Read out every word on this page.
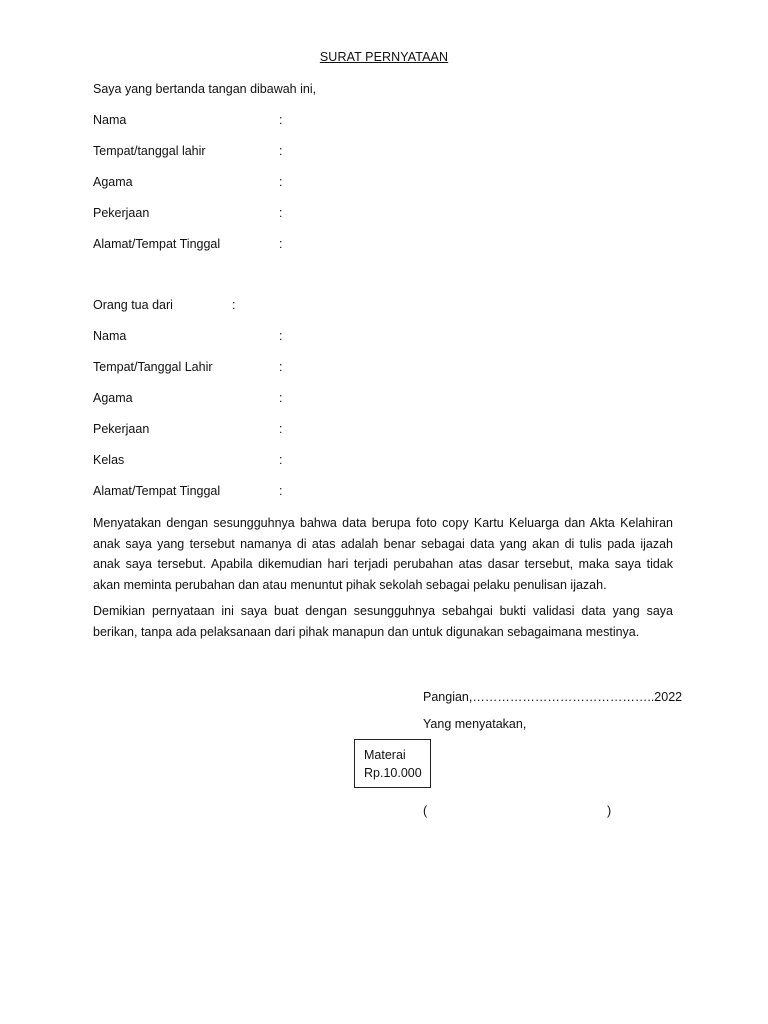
SURAT PERNYATAAN
Saya yang bertanda tangan dibawah ini,
Nama	:
Tempat/tanggal lahir	:
Agama	:
Pekerjaan	:
Alamat/Tempat Tinggal	:
Orang tua dari	:
Nama	:
Tempat/Tanggal Lahir	:
Agama	:
Pekerjaan	:
Kelas	:
Alamat/Tempat Tinggal	:

Menyatakan dengan sesungguhnya bahwa data berupa foto copy Kartu Keluarga dan Akta Kelahiran anak saya yang tersebut namanya di atas adalah benar sebagai data yang akan di tulis pada ijazah anak saya tersebut. Apabila dikemudian hari terjadi perubahan atas dasar tersebut, maka saya tidak akan meminta perubahan dan atau menuntut pihak sekolah sebagai pelaku penulisan ijazah.

Demikian pernyataan ini saya buat dengan sesungguhnya sebahgai bukti validasi data yang saya berikan, tanpa ada pelaksanaan dari pihak manapun dan untuk digunakan sebagaimana mestinya.

Pangian,……………………………………..2022
Yang menyatakan,
Materai
Rp.10.000
(	)
